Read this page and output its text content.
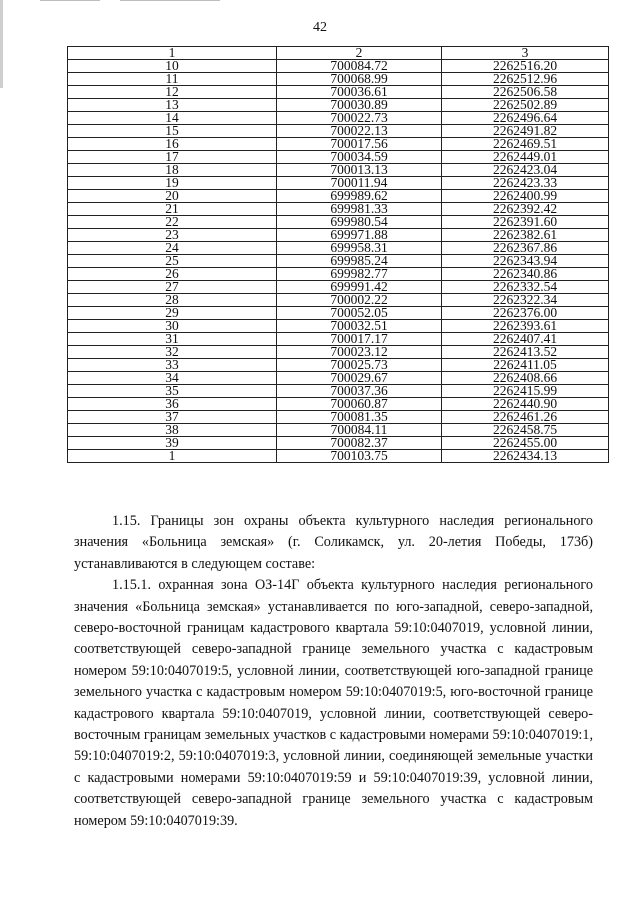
42
1	2	3
10	700084.72	2262516.20
11	700068.99	2262512.96
12	700036.61	2262506.58
13	700030.89	2262502.89
14	700022.73	2262496.64
15	700022.13	2262491.82
16	700017.56	2262469.51
17	700034.59	2262449.01
18	700013.13	2262423.04
19	700011.94	2262423.33
20	699989.62	2262400.99
21	699981.33	2262392.42
22	699980.54	2262391.60
23	699971.88	2262382.61
24	699958.31	2262367.86
25	699985.24	2262343.94
26	699982.77	2262340.86
27	699991.42	2262332.54
28	700002.22	2262322.34
29	700052.05	2262376.00
30	700032.51	2262393.61
31	700017.17	2262407.41
32	700023.12	2262413.52
33	700025.73	2262411.05
34	700029.67	2262408.66
35	700037.36	2262415.99
36	700060.87	2262440.90
37	700081.35	2262461.26
38	700084.11	2262458.75
39	700082.37	2262455.00
1	700103.75	2262434.13

1.15. Границы зон охраны объекта культурного наследия регионального значения «Больница земская» (г. Соликамск, ул. 20-летия Победы, 173б) устанавливаются в следующем составе:

1.15.1. охранная зона ОЗ-14Г объекта культурного наследия регионального значения «Больница земская» устанавливается по юго-западной, северо-западной, северо-восточной границам кадастрового квартала 59:10:0407019, условной линии, соответствующей северо-западной границе земельного участка с кадастровым номером 59:10:0407019:5, условной линии, соответствующей юго-западной границе земельного участка с кадастровым номером 59:10:0407019:5, юго-восточной границе кадастрового квартала 59:10:0407019, условной линии, соответствующей северо-восточным границам земельных участков с кадастровыми номерами 59:10:0407019:1, 59:10:0407019:2, 59:10:0407019:3, условной линии, соединяющей земельные участки с кадастровыми номерами 59:10:0407019:59 и 59:10:0407019:39, условной линии, соответствующей северо-западной границе земельного участка с кадастровым номером 59:10:0407019:39.
